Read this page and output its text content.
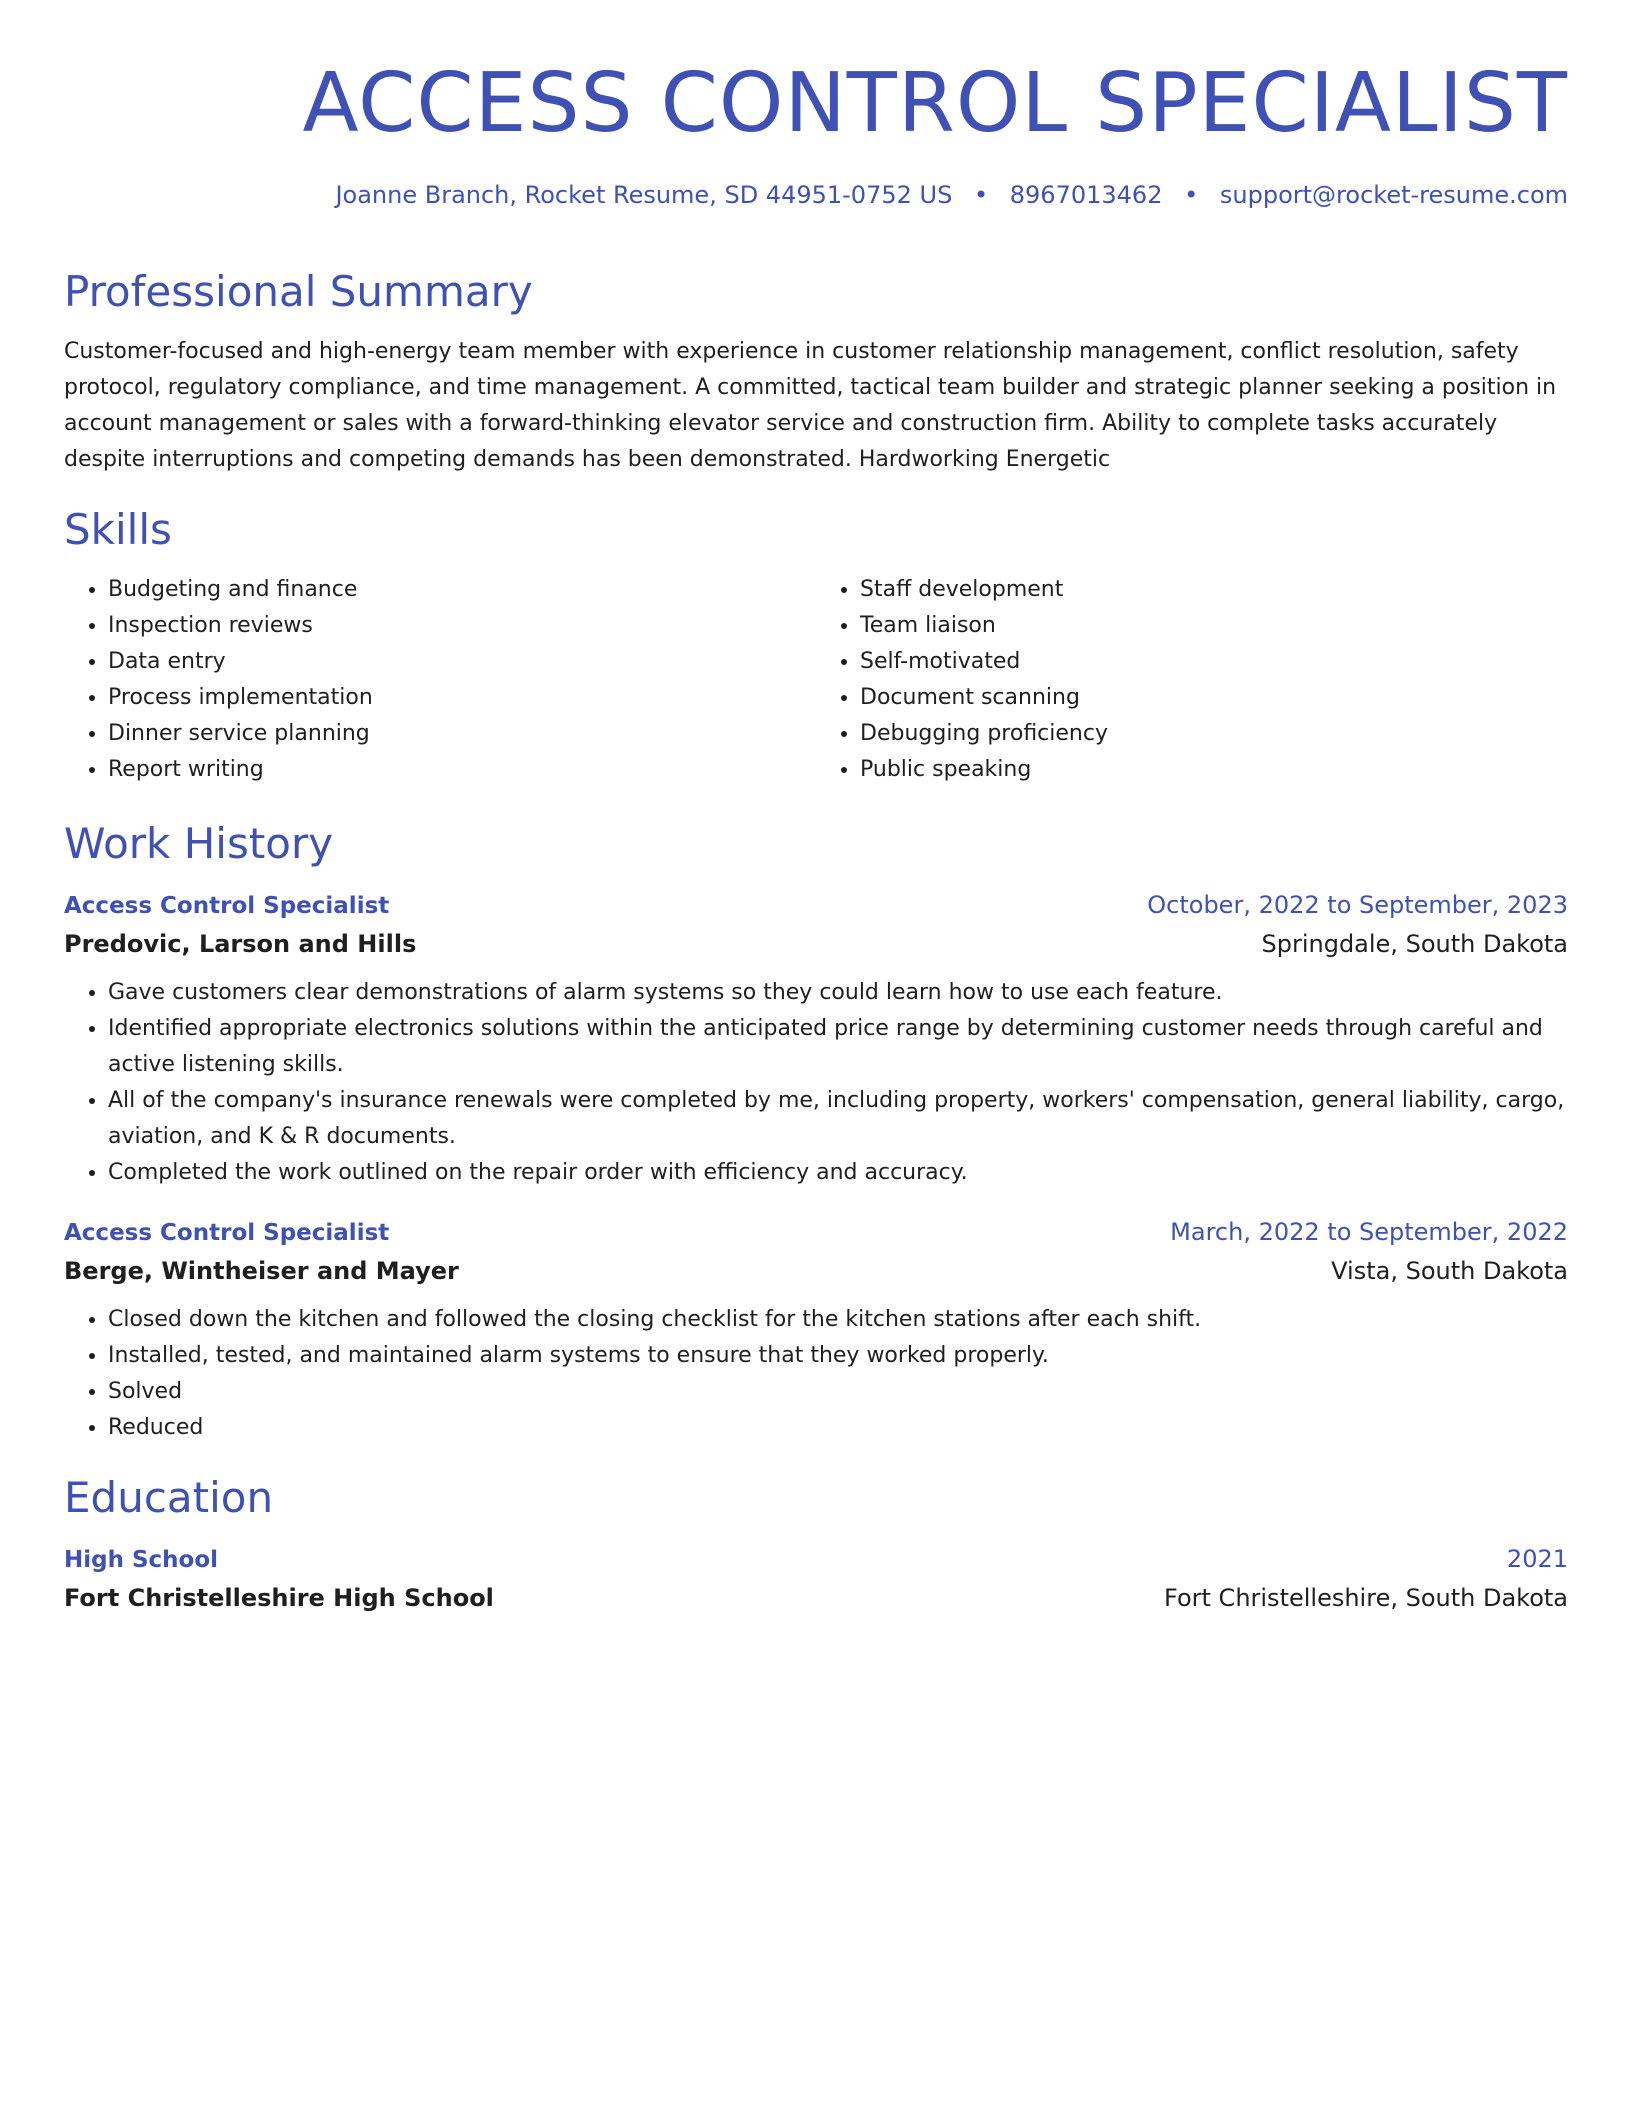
ACCESS CONTROL SPECIALIST
Joanne Branch, Rocket Resume, SD 44951-0752 US • 8967013462 • support@rocket-resume.com
Professional Summary

Customer-focused and high-energy team member with experience in customer relationship management, conflict resolution, safety protocol, regulatory compliance, and time management. A committed, tactical team builder and strategic planner seeking a position in account management or sales with a forward-thinking elevator service and construction firm. Ability to complete tasks accurately despite interruptions and competing demands has been demonstrated. Hardworking Energetic

Skills
• Budgeting and finance
• Inspection reviews
• Data entry
• Process implementation
• Dinner service planning
• Report writing
• Staff development
• Team liaison
• Self-motivated
• Document scanning
• Debugging proficiency
• Public speaking
Work History
Access Control Specialist	October, 2022 to September, 2023
Predovic, Larson and Hills	Springdale, South Dakota
• Gave customers clear demonstrations of alarm systems so they could learn how to use each feature.
• Identified appropriate electronics solutions within the anticipated price range by determining customer needs through careful and active listening skills.
• All of the company's insurance renewals were completed by me, including property, workers' compensation, general liability, cargo, aviation, and K & R documents.
• Completed the work outlined on the repair order with efficiency and accuracy.
Access Control Specialist	March, 2022 to September, 2022
Berge, Wintheiser and Mayer	Vista, South Dakota
• Closed down the kitchen and followed the closing checklist for the kitchen stations after each shift.
• Installed, tested, and maintained alarm systems to ensure that they worked properly.
• Solved
• Reduced
Education
High School	2021
Fort Christelleshire High School	Fort Christelleshire, South Dakota
